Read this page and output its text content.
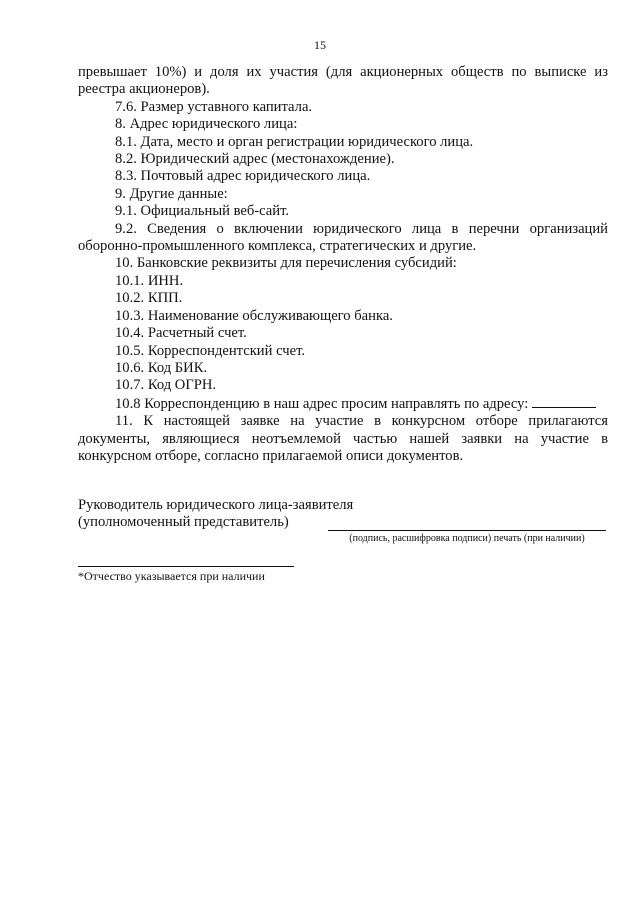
15

превышает 10%) и доля их участия (для акционерных обществ по выписке из реестра акционеров).

7.6. Размер уставного капитала.

8. Адрес юридического лица:

8.1. Дата, место и орган регистрации юридического лица.

8.2. Юридический адрес (местонахождение).

8.3. Почтовый адрес юридического лица.

9. Другие данные:

9.1. Официальный веб-сайт.

9.2. Сведения о включении юридического лица в перечни организаций оборонно-промышленного комплекса, стратегических и другие.

10. Банковские реквизиты для перечисления субсидий:

10.1. ИНН.

10.2. КПП.

10.3. Наименование обслуживающего банка.

10.4. Расчетный счет.

10.5. Корреспондентский счет.

10.6. Код БИК.

10.7. Код ОГРН.

10.8 Корреспонденцию в наш адрес просим направлять по адресу:

11. К настоящей заявке на участие в конкурсном отборе прилагаются документы, являющиеся неотъемлемой частью нашей заявки на участие в конкурсном отборе, согласно прилагаемой описи документов.

Руководитель юридического лица-заявителя
(уполномоченный представитель)
(подпись, расшифровка подписи) печать (при наличии)
*Отчество указывается при наличии
